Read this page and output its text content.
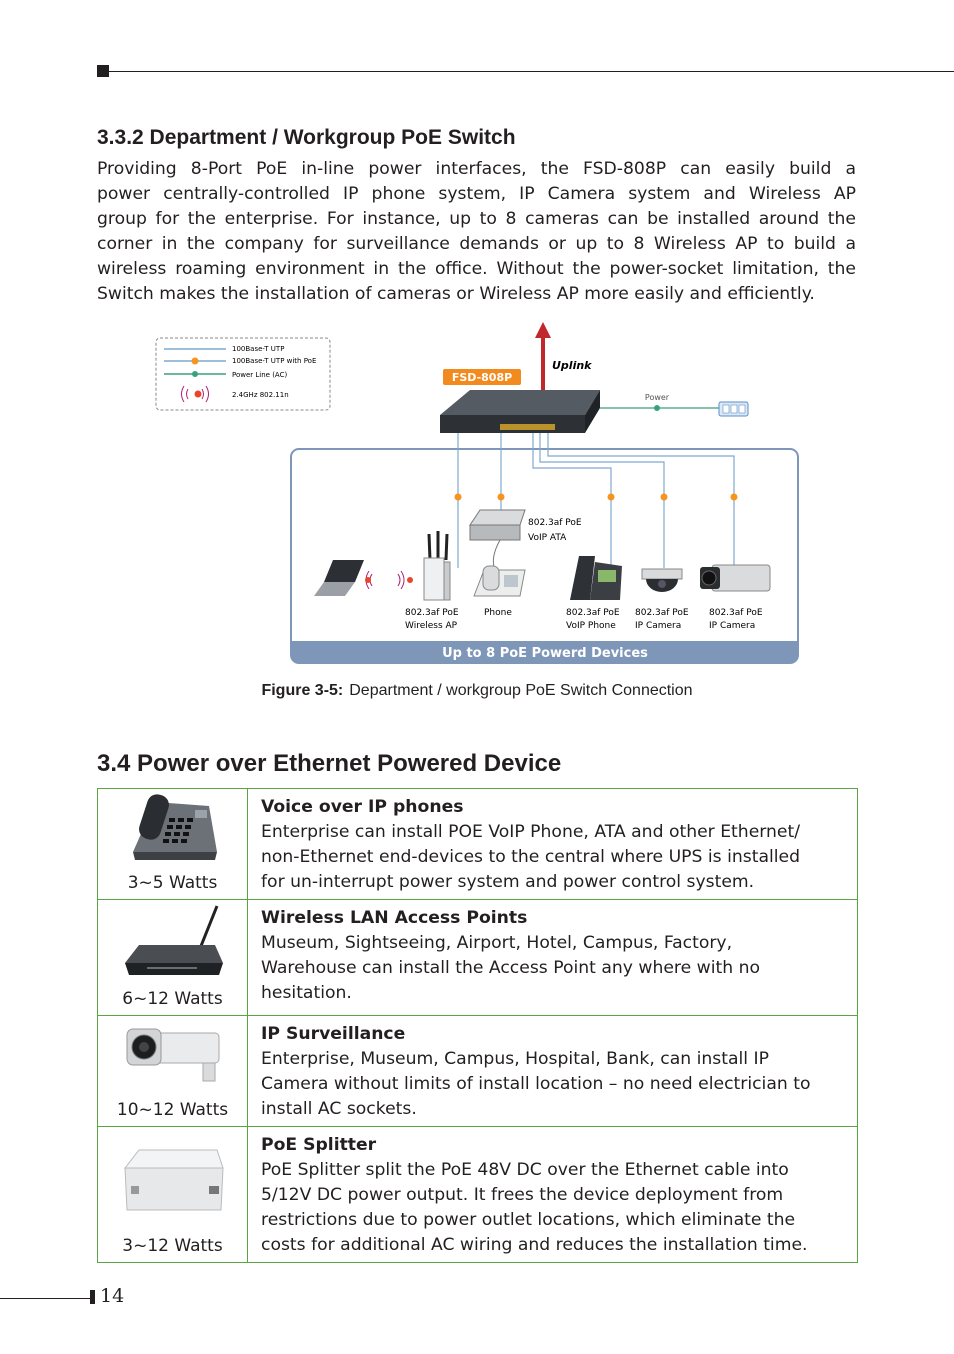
3.3.2 Department / Workgroup PoE Switch
Providing 8-Port PoE in-line power interfaces, the FSD-808P can easily build a
power centrally-controlled IP phone system, IP Camera system and Wireless AP
group for the enterprise. For instance, up to 8 cameras can be installed around the
corner in the company for surveillance demands or up to 8 Wireless AP to build a
wireless roaming environment in the office. Without the power-socket limitation, the
Switch makes the installation of cameras or Wireless AP more easily and efficiently.
100Base-T UTP
100Base-T UTP with PoE
Power Line (AC)
2.4GHz 802.11n
Uplink
FSD-808P
Power
Up to 8 PoE Powerd Devices
802.3af PoE
VoIP ATA
802.3af PoE
Wireless AP
Phone	802.3af PoE
VoIP Phone
802.3af PoE
IP Camera
802.3af PoE
IP Camera
Figure 3-5: Department / workgroup PoE Switch Connection
3.4 Power over Ethernet Powered Device
3~5 Watts	Voice over IP phones
Enterprise can install POE VoIP Phone, ATA and other Ethernet/
non-Ethernet end-devices to the central where UPS is installed
for un-interrupt power system and power control system.

6~12 Watts	Wireless LAN Access Points
Museum, Sightseeing, Airport, Hotel, Campus, Factory,
Warehouse can install the Access Point any where with no
hesitation.

10~12 Watts	IP Surveillance
Enterprise, Museum, Campus, Hospital, Bank, can install IP
Camera without limits of install location – no need electrician to
install AC sockets.

3~12 Watts	PoE Splitter
PoE Splitter split the PoE 48V DC over the Ethernet cable into
5/12V DC power output. It frees the device deployment from
restrictions due to power outlet locations, which eliminate the
costs for additional AC wiring and reduces the installation time.
14
